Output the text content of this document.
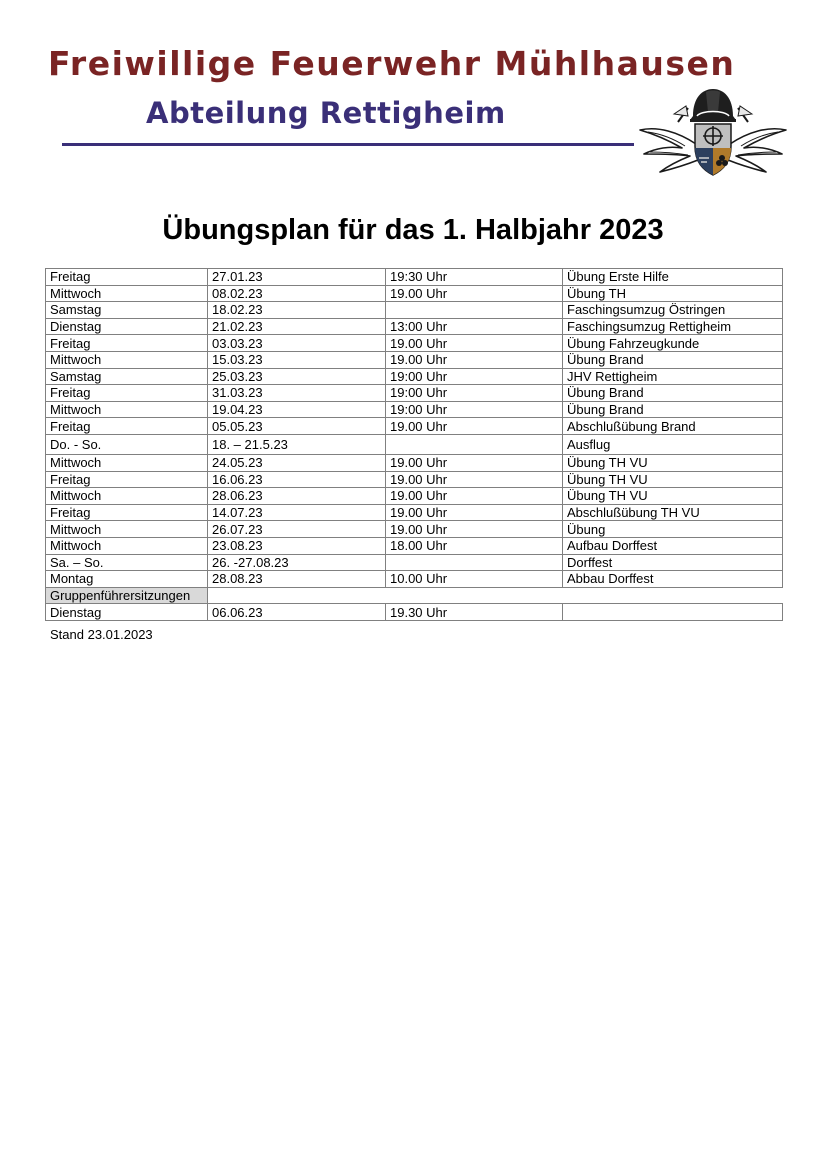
Freiwillige Feuerwehr Mühlhausen
Abteilung Rettigheim
Übungsplan für das 1. Halbjahr 2023
Freitag	27.01.23	19:30 Uhr	Übung Erste Hilfe
Mittwoch	08.02.23	19.00 Uhr	Übung TH
Samstag	18.02.23		Faschingsumzug Östringen
Dienstag	21.02.23	13:00 Uhr	Faschingsumzug Rettigheim
Freitag	03.03.23	19.00 Uhr	Übung Fahrzeugkunde
Mittwoch	15.03.23	19.00 Uhr	Übung Brand
Samstag	25.03.23	19:00 Uhr	JHV Rettigheim
Freitag	31.03.23	19:00 Uhr	Übung Brand
Mittwoch	19.04.23	19:00 Uhr	Übung Brand
Freitag	05.05.23	19.00 Uhr	Abschlußübung Brand
Do. - So.	18. – 21.5.23		Ausflug
Mittwoch	24.05.23	19.00 Uhr	Übung TH VU
Freitag	16.06.23	19.00 Uhr	Übung TH VU
Mittwoch	28.06.23	19.00 Uhr	Übung TH VU
Freitag	14.07.23	19.00 Uhr	Abschlußübung TH VU
Mittwoch	26.07.23	19.00 Uhr	Übung
Mittwoch	23.08.23	18.00 Uhr	Aufbau Dorffest
Sa. – So.	26. -27.08.23		Dorffest
Montag	28.08.23	10.00 Uhr	Abbau Dorffest
Gruppenführersitzungen			
Dienstag	06.06.23	19.30 Uhr	
Stand 23.01.2023
